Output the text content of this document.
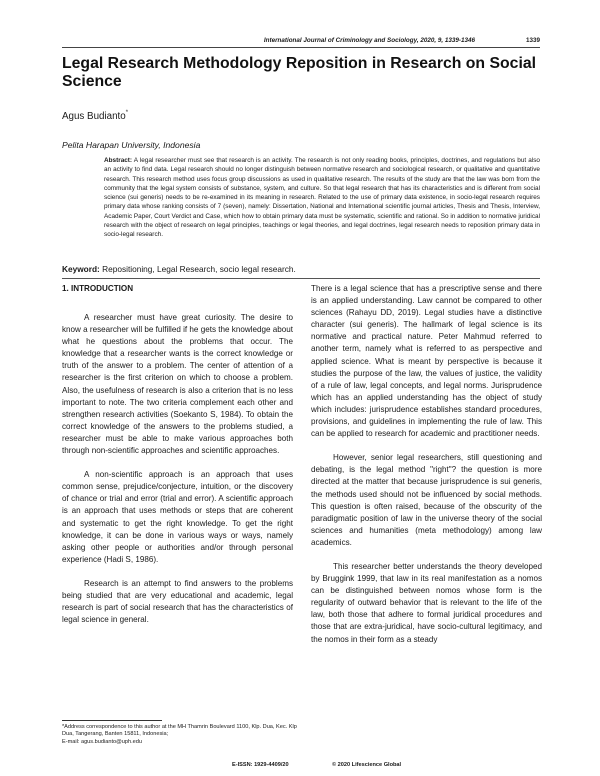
International Journal of Criminology and Sociology, 2020, 9, 1339-1346	1339
Legal Research Methodology Reposition in Research on Social Science
Agus Budianto*
Pelita Harapan University, Indonesia

Abstract: A legal researcher must see that research is an activity. The research is not only reading books, principles, doctrines, and regulations but also an activity to find data. Legal research should no longer distinguish between normative research and sociological research, or qualitative and quantitative research. This research method uses focus group discussions as used in qualitative research. The results of the study are that the law was born from the community that the legal system consists of substance, system, and culture. So that legal research that has its characteristics and is different from social science (sui generis) needs to be re-examined in its meaning in research. Related to the use of primary data existence, in socio-legal research requires primary data whose ranking consists of 7 (seven), namely: Dissertation, National and International scientific journal articles, Thesis and Thesis, Interview, Academic Paper, Court Verdict and Case, which how to obtain primary data must be systematic, scientific and rational. So in addition to normative juridical research with the object of research on legal principles, teachings or legal theories, and legal doctrines, legal research needs to reposition primary data in socio-legal research.

Keyword: Repositioning, Legal Research, socio legal research.
1. INTRODUCTION

A researcher must have great curiosity. The desire to know a researcher will be fulfilled if he gets the knowledge about what he questions about the problems that occur. The knowledge that a researcher wants is the correct knowledge or truth of the answer to a problem. The center of attention of a researcher is the first criterion on which to choose a problem. Also, the usefulness of research is also a criterion that is no less important to note. The two criteria complement each other and strengthen research activities (Soekanto S, 1984). To obtain the correct knowledge of the answers to the problems studied, a researcher must be able to make various approaches both through non-scientific approaches and scientific approaches.

A non-scientific approach is an approach that uses common sense, prejudice/conjecture, intuition, or the discovery of chance or trial and error (trial and error). A scientific approach is an approach that uses methods or steps that are coherent and systematic to get the right knowledge. To get the right knowledge, it can be done in various ways or ways, namely asking other people or authorities and/or through personal experience (Hadi S, 1986).

Research is an attempt to find answers to the problems being studied that are very educational and academic, legal research is part of social research that has the characteristics of legal science in general.

There is a legal science that has a prescriptive sense and there is an applied understanding. Law cannot be compared to other sciences (Rahayu DD, 2019). Legal studies have a distinctive character (sui generis). The hallmark of legal science is its normative and practical nature. Peter Mahmud referred to another term, namely what is referred to as perspective and applied science. What is meant by perspective is because it studies the purpose of the law, the values of justice, the validity of a rule of law, legal concepts, and legal norms. Jurisprudence which has an applied understanding has the object of study which includes: jurisprudence establishes standard procedures, provisions, and guidelines in implementing the rule of law. This can be applied to research for academic and practitioner needs.

However, senior legal researchers, still questioning and debating, is the legal method "right"? the question is more directed at the matter that because jurisprudence is sui generis, the methods used should not be influenced by social methods. This question is often raised, because of the obscurity of the paradigmatic position of law in the universe theory of the social sciences and humanities (meta methodology) among law academics.

This researcher better understands the theory developed by Bruggink 1999, that law in its real manifestation as a nomos can be distinguished between nomos whose form is the regularity of outward behavior that is relevant to the life of the law, both those that adhere to formal juridical procedures and those that are extra-juridical, have socio-cultural legitimacy, and the nomos in their form as a steady

*Address correspondence to this author at the MH Thamrin Boulevard 1100, Klp. Dua, Kec. Klp Dua, Tangerang, Banten 15811, Indonesia;
E-mail: agus.budianto@uph.edu
E-ISSN: 1929-4409/20	© 2020 Lifescience Global
